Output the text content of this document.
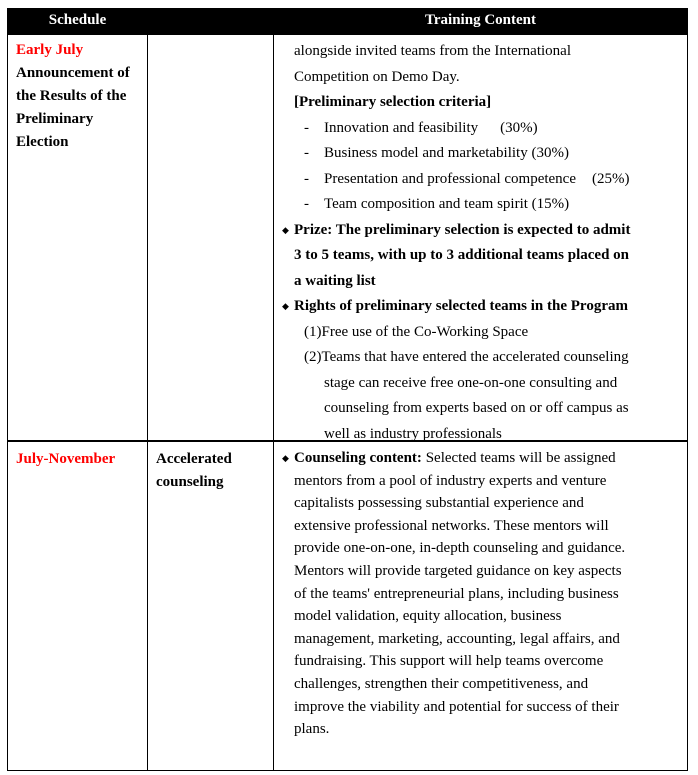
Schedule	Training Content
Early July
Announcement of the Results of the Preliminary Election
alongside invited teams from the International
Competition on Demo Day.
[Preliminary selection criteria]
- Innovation and feasibility (30%)
- Business model and marketability (30%)
- Presentation and professional competence (25%)
- Team composition and team spirit (15%)
◆ Prize: The preliminary selection is expected to admit
3 to 5 teams, with up to 3 additional teams placed on
a waiting list
◆ Rights of preliminary selected teams in the Program
(1)Free use of the Co-Working Space
(2)Teams that have entered the accelerated counseling
stage can receive free one-on-one consulting and
counseling from experts based on or off campus as
well as industry professionals
July-November	Accelerated counseling
◆ Counseling content: Selected teams will be assigned
mentors from a pool of industry experts and venture
capitalists possessing substantial experience and
extensive professional networks. These mentors will
provide one-on-one, in-depth counseling and guidance.
Mentors will provide targeted guidance on key aspects
of the teams' entrepreneurial plans, including business
model validation, equity allocation, business
management, marketing, accounting, legal affairs, and
fundraising. This support will help teams overcome
challenges, strengthen their competitiveness, and
improve the viability and potential for success of their
plans.
